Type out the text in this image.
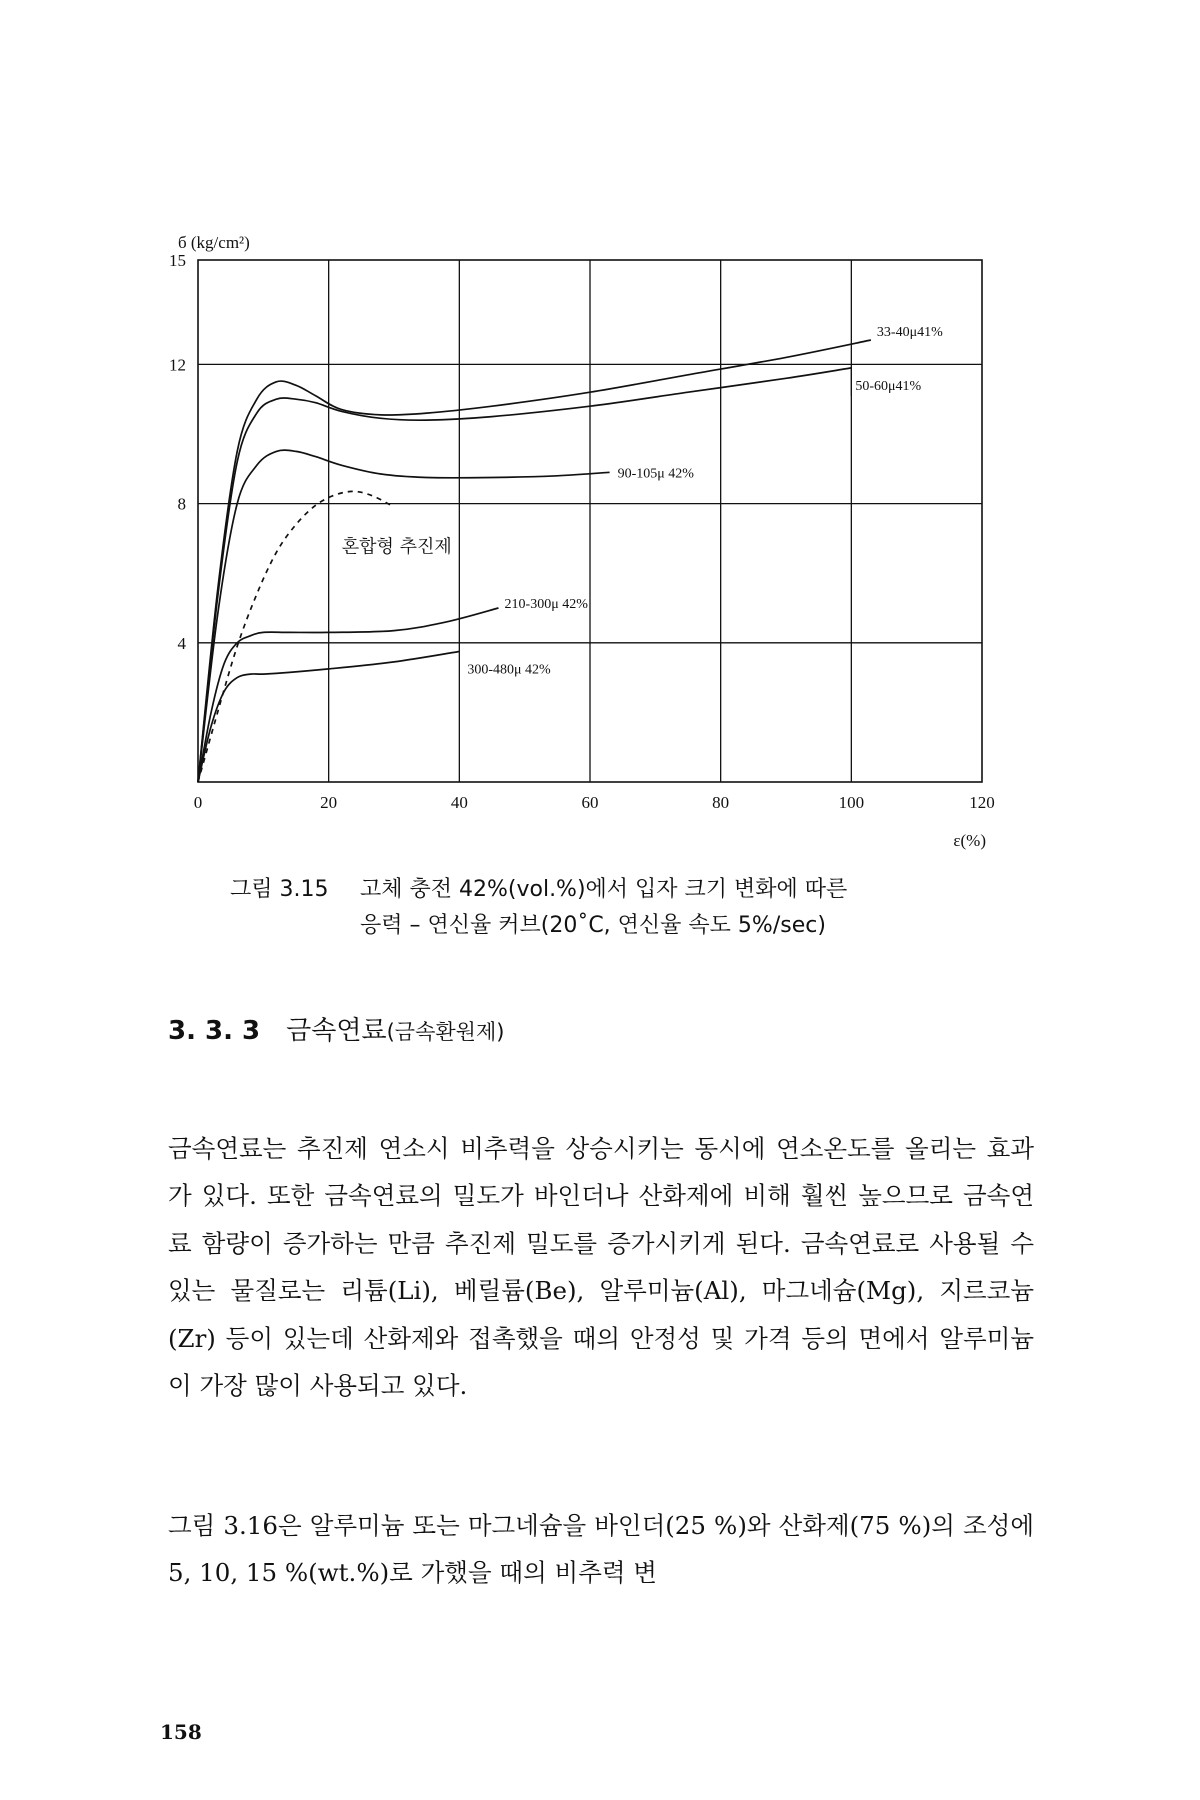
0	20	40	60	80	100	120
4
8
12
15
б (kg/cm²)
ε(%)
33-40μ41%
50-60μ41%
90-105μ 42%
혼합형 추진제
210-300μ 42%
300-480μ 42%
그림 3.15 고체 충전 42%(vol.%)에서 입자 크기 변화에 따른
응력 – 연신율 커브(20˚C, 연신율 속도 5%/sec)
3. 3. 3 금속연료(금속환원제)

금속연료는 추진제 연소시 비추력을 상승시키는 동시에 연소온도를 올리는 효과가 있다. 또한 금속연료의 밀도가 바인더나 산화제에 비해 훨씬 높으므로 금속연료 함량이 증가하는 만큼 추진제 밀도를 증가시키게 된다. 금속연료로 사용될 수 있는 물질로는 리튬(Li), 베릴륨(Be), 알루미늄(Al), 마그네슘(Mg), 지르코늄(Zr) 등이 있는데 산화제와 접촉했을 때의 안정성 및 가격 등의 면에서 알루미늄이 가장 많이 사용되고 있다.

그림 3.16은 알루미늄 또는 마그네슘을 바인더(25 %)와 산화제(75 %)의 조성에 5, 10, 15 %(wt.%)로 가했을 때의 비추력 변

158
